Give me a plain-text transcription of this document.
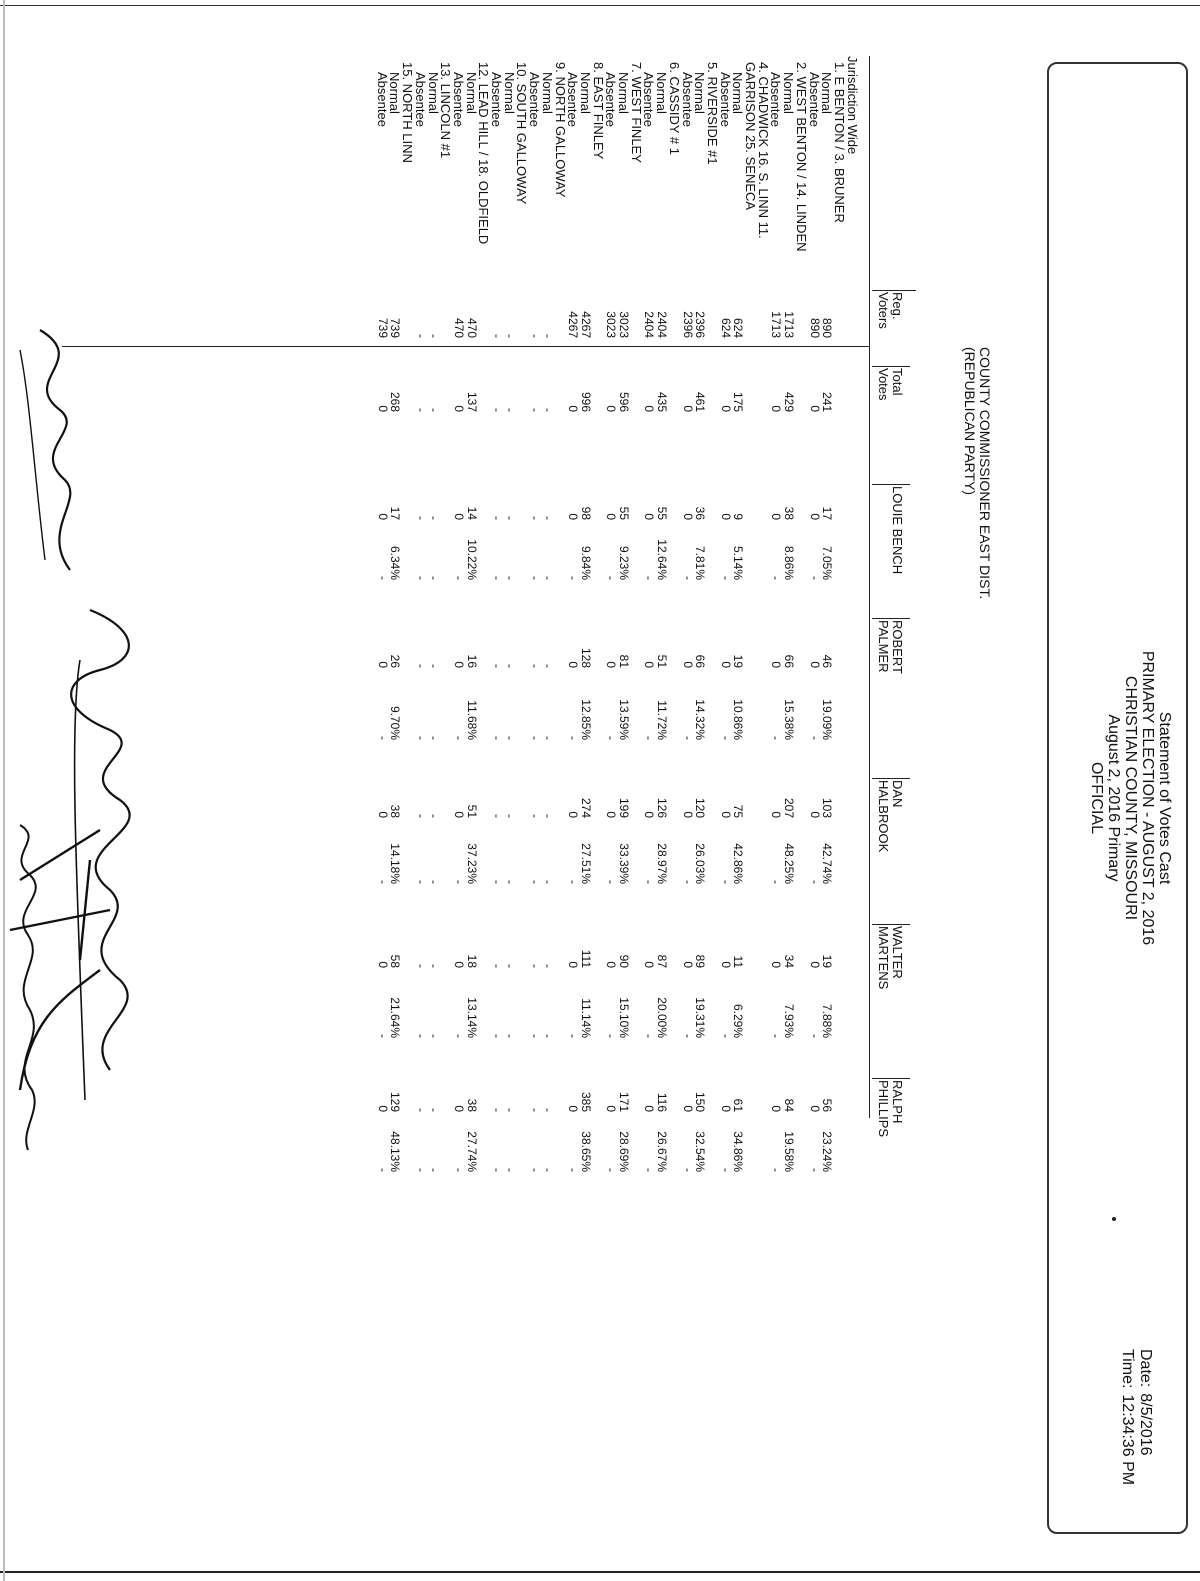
Statement of Votes Cast
PRIMARY ELECTION - AUGUST 2, 2016
CHRISTIAN COUNTY, MISSOURI
August 2, 2016 Primary
OFFICIAL
Date:8/5/2016
Time:12:34:36 PM
COUNTY COMMISSIONER EAST DIST.
(REPUBLICAN PARTY)
Reg.
Voters
Total
Votes
LOUIE BENCH
ROBERT
PALMER
DAN
HALBROOK
WALTER
MARTENS
RALPH
PHILLIPS
Jurisdiction Wide
1. E BENTON / 3. BRUNER
Normal
890
241
17
7.05%
46
19.09%
103
42.74%
19
7.88%
56
23.24%
Absentee
890
0
0
-
0
-
0
-
0
-
0
-
2. WEST BENTON / 14. LINDEN
Normal
1713
429
38
8.86%
66
15.38%
207
48.25%
34
7.93%
84
19.58%
Absentee
1713
0
0
-
0
-
0
-
0
-
0
-
4. CHADWICK 16. S. LINN 11.
GARRISON 25. SENECA
Normal
624
175
9
5.14%
19
10.86%
75
42.86%
11
6.29%
61
34.86%
Absentee
624
0
0
-
0
-
0
-
0
-
0
-
5. RIVERSIDE #1
Normal
2396
461
36
7.81%
66
14.32%
120
26.03%
89
19.31%
150
32.54%
Absentee
2396
0
0
-
0
-
0
-
0
-
0
-
6. CASSIDY # 1
Normal
2404
435
55
12.64%
51
11.72%
126
28.97%
87
20.00%
116
26.67%
Absentee
2404
0
0
-
0
-
0
-
0
-
0
-
7. WEST FINLEY
Normal
3023
596
55
9.23%
81
13.59%
199
33.39%
90
15.10%
171
28.69%
Absentee
3023
0
0
-
0
-
0
-
0
-
0
-
8. EAST FINLEY
Normal
4267
996
98
9.84%
128
12.85%
274
27.51%
111
11.14%
385
38.65%
Absentee
4267
0
0
-
0
-
0
-
0
-
0
-
9. NORTH GALLOWAY
Normal
-
-
-
-
-
-
-
-
-
-
-
-
Absentee
-
-
-
-
-
-
-
-
-
-
-
-
10. SOUTH GALLOWAY
Normal
-
-
-
-
-
-
-
-
-
-
-
-
Absentee
-
-
-
-
-
-
-
-
-
-
-
-
12. LEAD HILL / 18. OLDFIELD
Normal
470
137
14
10.22%
16
11.68%
51
37.23%
18
13.14%
38
27.74%
Absentee
470
0
0
-
0
-
0
-
0
-
0
-
13. LINCOLN #1
Normal
-
-
-
-
-
-
-
-
-
-
-
-
Absentee
-
-
-
-
-
-
-
-
-
-
-
-
15. NORTH LINN
Normal
739
268
17
6.34%
26
9.70%
38
14.18%
58
21.64%
129
48.13%
Absentee
739
0
0
-
0
-
0
-
0
-
0
-
